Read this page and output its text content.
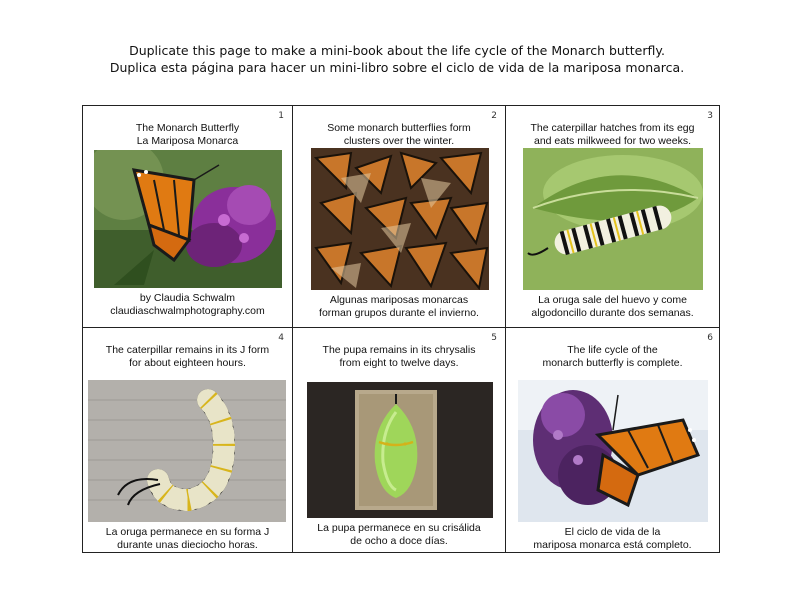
Duplicate this page to make a mini-book about the life cycle of the Monarch butterfly.
Duplica esta página para hacer un mini-libro sobre el ciclo de vida de la mariposa monarca.
1
The Monarch Butterfly
La Mariposa Monarca
by Claudia Schwalm
claudiaschwalmphotography.com
2
Some monarch butterflies form
clusters over the winter.
Algunas mariposas monarcas
forman grupos durante el invierno.
3
The caterpillar hatches from its egg
and eats milkweed for two weeks.
La oruga sale del huevo y come
algodoncillo durante dos semanas.
4
The caterpillar remains in its J form
for about eighteen hours.
La oruga permanece en su forma J
durante unas dieciocho horas.
5
The pupa remains in its chrysalis
from eight to twelve days.
La pupa permanece en su crisálida
de ocho a doce días.
6
The life cycle of the
monarch butterfly is complete.
El ciclo de vida de la
mariposa monarca está completo.
